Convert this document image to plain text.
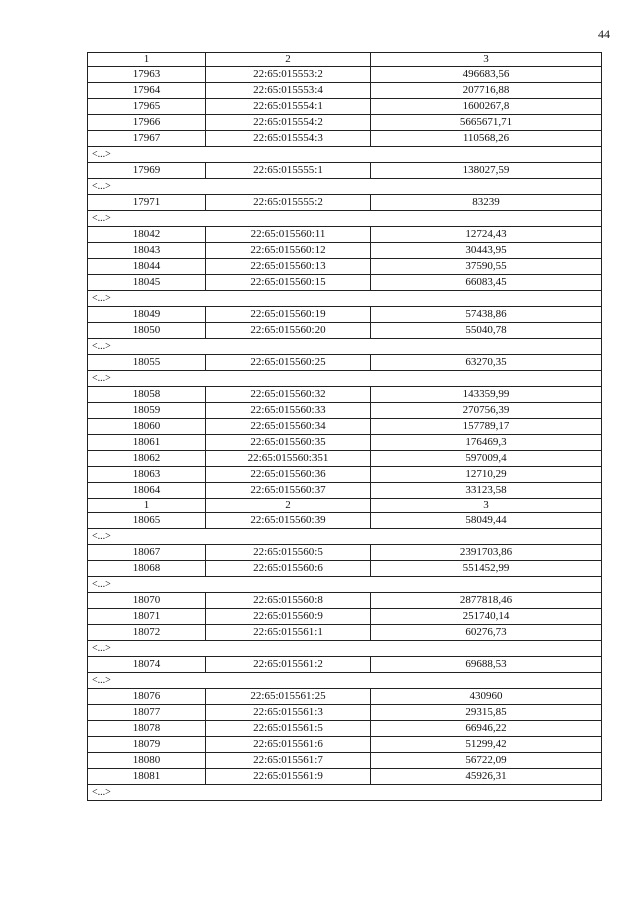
44
1	2	3
17963	22:65:015553:2	496683,56
17964	22:65:015553:4	207716,88
17965	22:65:015554:1	1600267,8
17966	22:65:015554:2	5665671,71
17967	22:65:015554:3	110568,26
<...>		
17969	22:65:015555:1	138027,59
<...>		
17971	22:65:015555:2	83239
<...>		
18042	22:65:015560:11	12724,43
18043	22:65:015560:12	30443,95
18044	22:65:015560:13	37590,55
18045	22:65:015560:15	66083,45
<...>		
18049	22:65:015560:19	57438,86
18050	22:65:015560:20	55040,78
<...>		
18055	22:65:015560:25	63270,35
<...>		
18058	22:65:015560:32	143359,99
18059	22:65:015560:33	270756,39
18060	22:65:015560:34	157789,17
18061	22:65:015560:35	176469,3
18062	22:65:015560:351	597009,4
18063	22:65:015560:36	12710,29
18064	22:65:015560:37	33123,58
1	2	3
18065	22:65:015560:39	58049,44
<...>		
18067	22:65:015560:5	2391703,86
18068	22:65:015560:6	551452,99
<...>		
18070	22:65:015560:8	2877818,46
18071	22:65:015560:9	251740,14
18072	22:65:015561:1	60276,73
<...>		
18074	22:65:015561:2	69688,53
<...>		
18076	22:65:015561:25	430960
18077	22:65:015561:3	29315,85
18078	22:65:015561:5	66946,22
18079	22:65:015561:6	51299,42
18080	22:65:015561:7	56722,09
18081	22:65:015561:9	45926,31
<...>		
